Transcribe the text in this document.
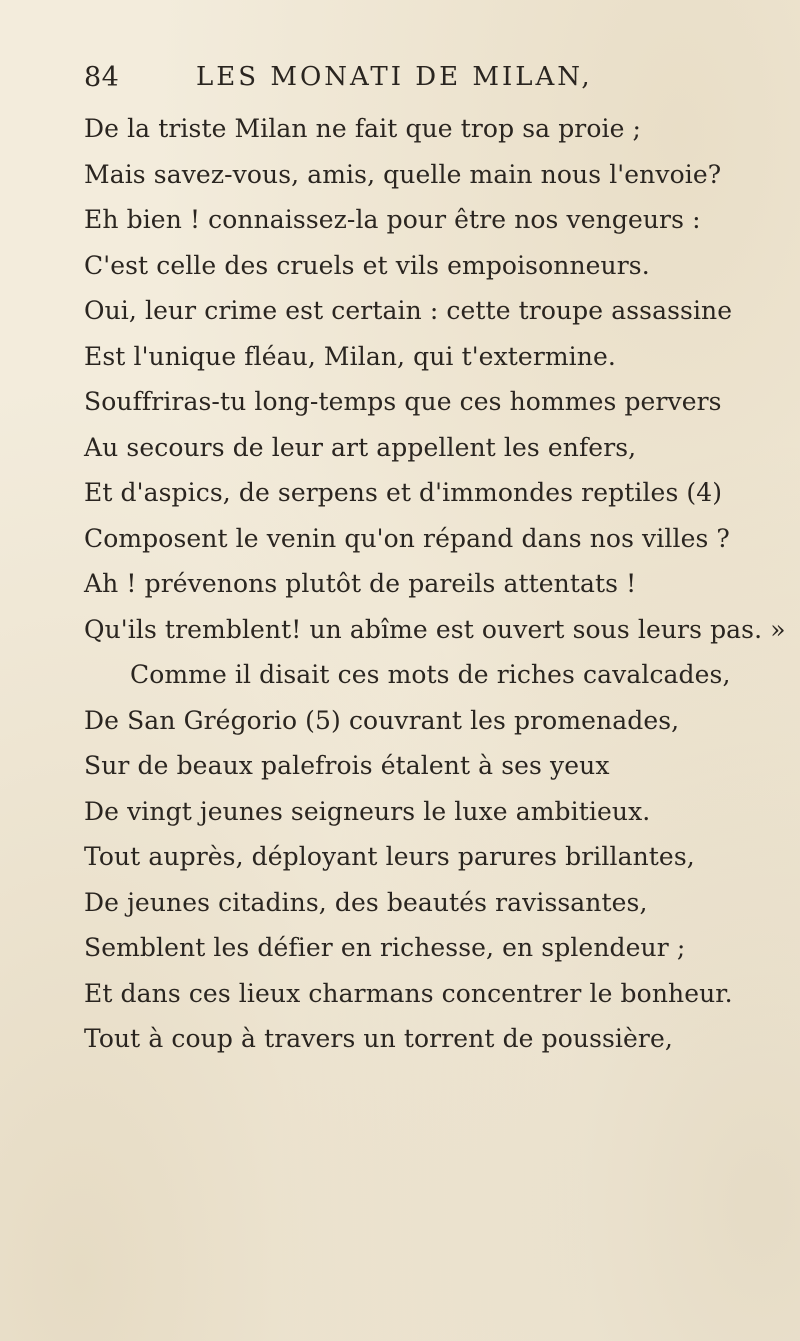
84	LES MONATI DE MILAN,
De la triste Milan ne fait que trop sa proie ;
Mais savez-vous, amis, quelle main nous l'envoie?
Eh bien ! connaissez-la pour être nos vengeurs :
C'est celle des cruels et vils empoisonneurs.
Oui, leur crime est certain : cette troupe assassine
Est l'unique fléau, Milan, qui t'extermine.
Souffriras-tu long-temps que ces hommes pervers
Au secours de leur art appellent les enfers,
Et d'aspics, de serpens et d'immondes reptiles (4)
Composent le venin qu'on répand dans nos villes ?
Ah ! prévenons plutôt de pareils attentats !
Qu'ils tremblent! un abîme est ouvert sous leurs pas. »
Comme il disait ces mots de riches cavalcades,
De San Grégorio (5) couvrant les promenades,
Sur de beaux palefrois étalent à ses yeux
De vingt jeunes seigneurs le luxe ambitieux.
Tout auprès, déployant leurs parures brillantes,
De jeunes citadins, des beautés ravissantes,
Semblent les défier en richesse, en splendeur ;
Et dans ces lieux charmans concentrer le bonheur.
Tout à coup à travers un torrent de poussière,
